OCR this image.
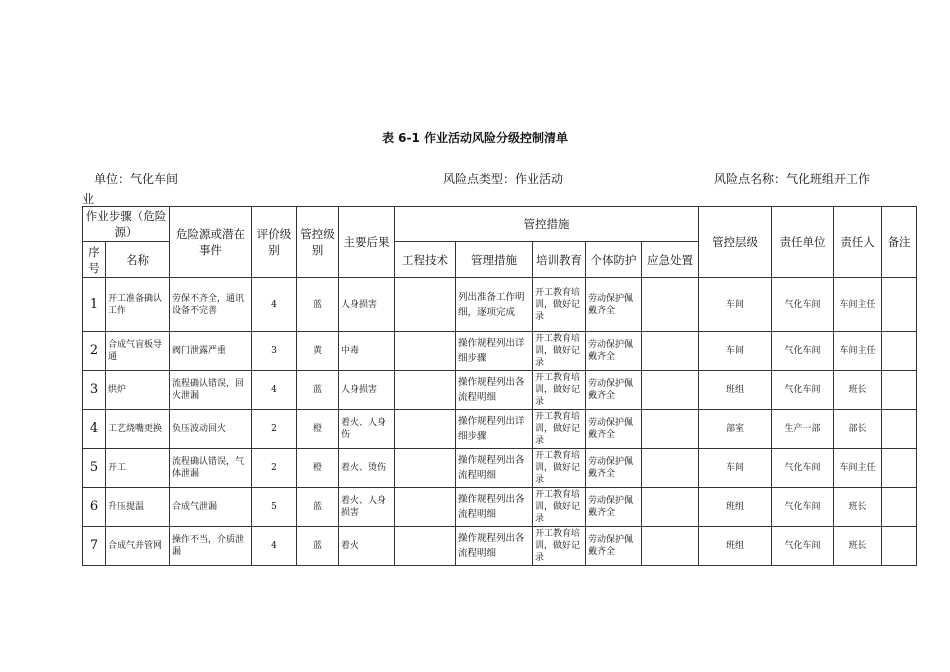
表 6-1 作业活动风险分级控制清单
单位：气化车间	风险点类型：作业活动	风险点名称：气化班组开工作
业
作业步骤（危险源）		危险源或潜在事件	评价级别	管控级别	主要后果	管控措施					管控层级	责任单位	责任人	备注
序号	名称					工程技术	管理措施	培训教育	个体防护	应急处置				
1	开工准备确认工作	劳保不齐全，通讯设备不完善	4	蓝	人身损害		列出准备工作明细，逐项完成	开工教育培训，做好记录	劳动保护佩戴齐全		车间	气化车间	车间主任	
2	合成气盲板导通	阀门泄露严重	3	黄	中毒		操作规程列出详细步骤	开工教育培训，做好记录	劳动保护佩戴齐全		车间	气化车间	车间主任	
3	烘炉	流程确认错误，回火泄漏	4	蓝	人身损害		操作规程列出各流程明细	开工教育培训，做好记录	劳动保护佩戴齐全		班组	气化车间	班长	
4	工艺烧嘴更换	负压波动回火	2	橙	着火、人身伤		操作规程列出详细步骤	开工教育培训，做好记录	劳动保护佩戴齐全		部室	生产一部	部长	
5	开工	流程确认错误，气体泄漏	2	橙	着火、烫伤		操作规程列出各流程明细	开工教育培训，做好记录	劳动保护佩戴齐全		车间	气化车间	车间主任	
6	升压提温	合成气泄漏	5	蓝	着火、人身损害		操作规程列出各流程明细	开工教育培训，做好记录	劳动保护佩戴齐全		班组	气化车间	班长	
7	合成气并管网	操作不当，介质泄漏	4	蓝	着火		操作规程列出各流程明细	开工教育培训，做好记录	劳动保护佩戴齐全		班组	气化车间	班长	
